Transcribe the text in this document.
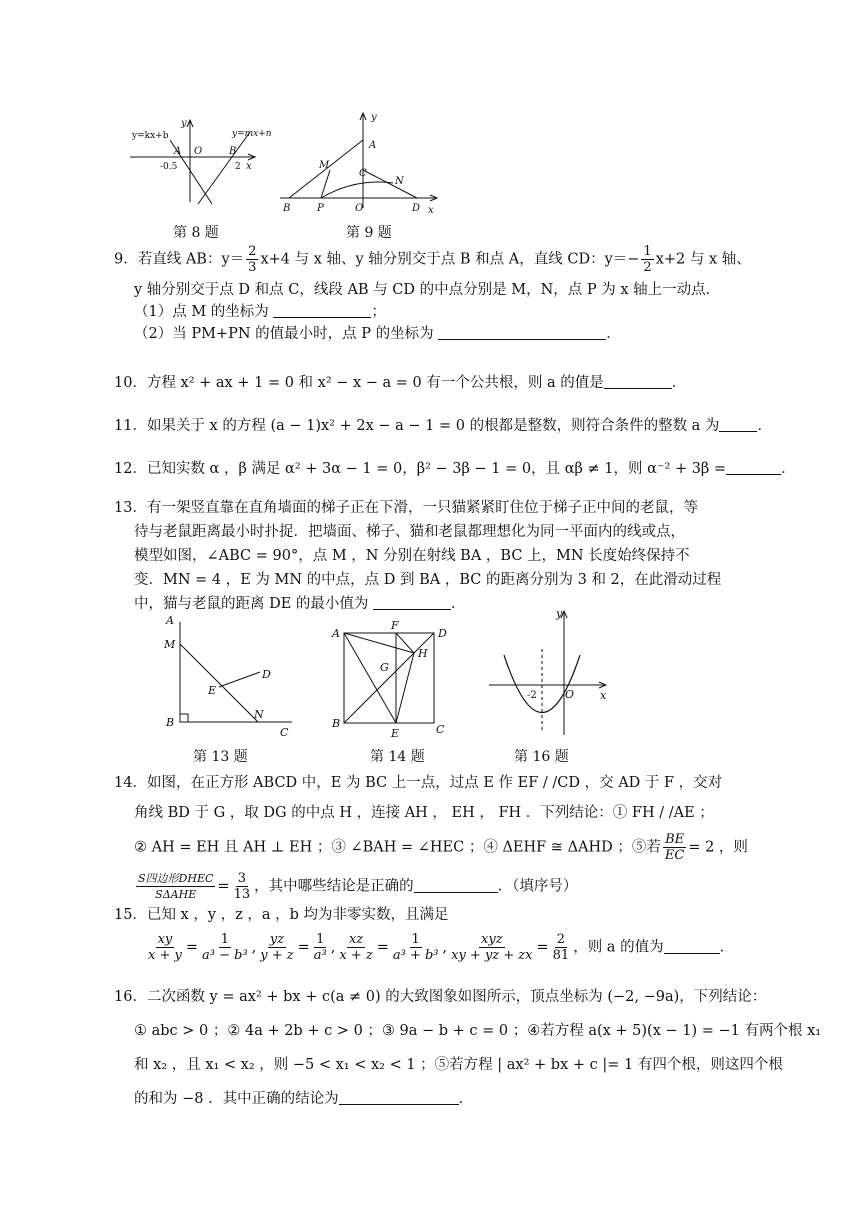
y=kx+b	y=mx+n
y
x
A O	B
-0.5	2
第 8 题
y
x
A
C
M
N
B	P	O	D
第 9 题

9．若直线 AB：$y= \frac{2}{3} x+4$ 与 x 轴、y 轴分别交于点 B 和点 A，直线 CD：$y=- \frac{1}{2} x+2$ 与 x 轴、

y 轴分别交于点 D 和点 C，线段 AB 与 CD 的中点分别是 M，N，点 P 为 x 轴上一动点．

（1）点 M 的坐标为	；

（2）当 PM+PN 的值最小时，点 P 的坐标为	．

10．方程 x² + ax + 1 = 0 和 x² − x − a = 0 有一个公共根，则 a 的值是	．
11．如果关于 x 的方程 (a − 1)x² + 2x − a − 1 = 0 的根都是整数，则符合条件的整数 a 为	．
12．已知实数 α ，β 满足 α² + 3α − 1 = 0，β² − 3β − 1 = 0，且 αβ ≠ 1，则 α⁻² + 3β =	．

13．有一架竖直靠在直角墙面的梯子正在下滑，一只猫紧紧盯住位于梯子正中间的老鼠，等

待与老鼠距离最小时扑捉．把墙面、梯子、猫和老鼠都理想化为同一平面内的线或点，

模型如图，∠ABC = 90°，点 M ，N 分别在射线 BA ，BC 上，MN 长度始终保持不

变．MN = 4 ，E 为 MN 的中点，点 D 到 BA ，BC 的距离分别为 3 和 2，在此滑动过程

中，猫与老鼠的距离 DE 的最小值为	．

A
M
E
D
B
N
C
第 13 题
A
F
D
H
G
B
E	C
第 14 题
y
x
-2	O
第 16 题

14．如图，在正方形 ABCD 中，E 为 BC 上一点，过点 E 作 EF / /CD ，交 AD 于 F ，交对

角线 BD 于 G ，取 DG 的中点 H ，连接 AH ， EH ， FH ．下列结论：① FH / /AE ；

② AH = EH 且 AH ⊥ EH ；③ ∠BAH = ∠HEC ；④ ΔEHF ≅ ΔAHD ；⑤若 $\frac{BE}{EC} = 2$ ，则

$\frac{\text{S四边形DHEC}}{\text{SΔAHE}} = \frac{3}{13}$ ，其中哪些结论是正确的	．（填序号）

15．已知 x ，y ，z ，a ，b 均为非零实数，且满足

$\frac{xy}{x + y} = \frac{1}{\text{a³ − b³}}$ , $\frac{yz}{y + z} = \frac{1}{\text{a³}}$ , $\frac{xz}{x + z} = \frac{1}{\text{a³ + b³}}$ , $\frac{\text{xyz}}{xy + yz + zx} = \frac{2}{81}$ ，则 a 的值为	．

16．二次函数 y = ax² + bx + c(a ≠ 0) 的大致图象如图所示，顶点坐标为 (−2, −9a)，下列结论：

① abc > 0 ；② 4a + 2b + c > 0 ；③ 9a − b + c = 0 ；④若方程 a(x + 5)(x − 1) = −1 有两个根 x₁

和 x₂ ，且 x₁ < x₂ ，则 −5 < x₁ < x₂ < 1 ；⑤若方程 | ax² + bx + c |= 1 有四个根，则这四个根

的和为 −8 ．其中正确的结论为	．
